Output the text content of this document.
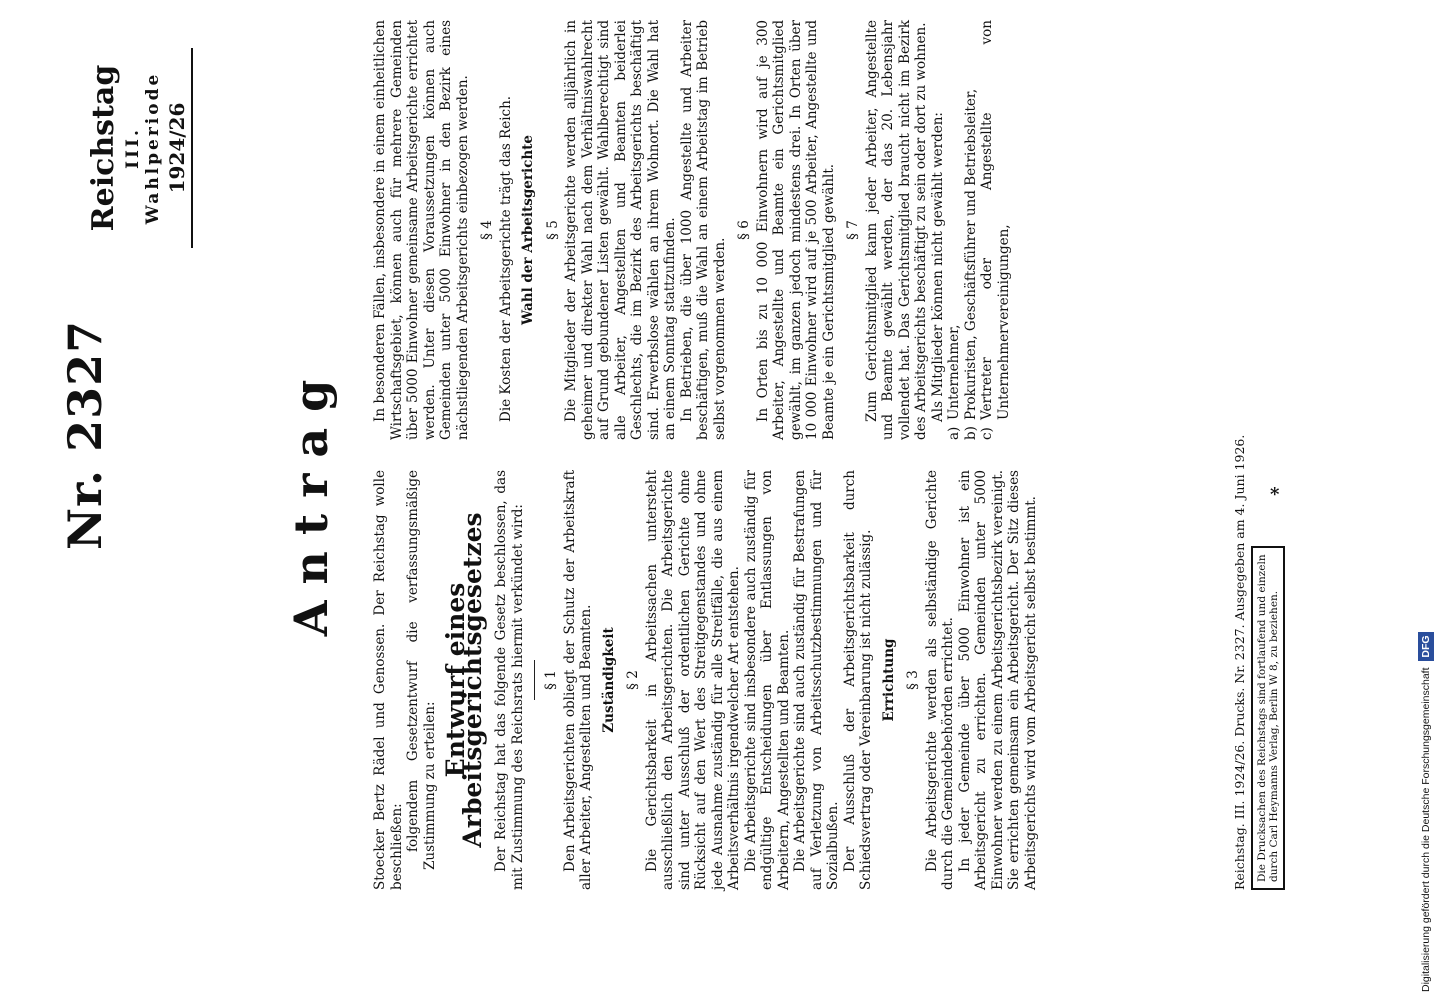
Nr. 2327
Reichstag III. Wahlperiode 1924/26
Antrag	Stoecker Bertz Rädel und Genossen. Der Reichstag wolle beschließen: folgendem Gesetzentwurf die verfassungsmäßige Zustimmung zu erteilen:

Entwurf eines Arbeitsgerichtsgesetzes Der Reichstag hat das folgende Gesetz beschlossen, das mit Zustimmung des Reichsrats hiermit verkündet wird: § 1 Den Arbeitsgerichten obliegt der Schutz der Arbeitskraft aller Arbeiter, Angestellten und Beamten. Zuständigkeit § 2 Die Gerichtsbarkeit in Arbeitssachen untersteht ausschließlich den Arbeitsgerichten. Die Arbeitsgerichte sind unter Ausschluß der ordentlichen Gerichte ohne Rücksicht auf den Wert des Streitgegenstandes und ohne jede Ausnahme zuständig für alle Streitfälle, die aus einem Arbeitsverhältnis irgendwelcher Art entstehen. Die Arbeitsgerichte sind insbesondere auch zuständig für endgültige Entscheidungen über Entlassungen von Arbeitern, Angestellten und Beamten. Die Arbeitsgerichte sind auch zuständig für Bestrafungen auf Verletzung von Arbeitsschutzbestimmungen und für Sozialbußen. Der Ausschluß der Arbeitsgerichtsbarkeit durch Schiedsvertrag oder Vereinbarung ist nicht zulässig. Errichtung § 3 Die Arbeitsgerichte werden als selbständige Gerichte durch die Gemeindebehörden errichtet. In jeder Gemeinde über 5000 Einwohner ist ein Arbeitsgericht zu errichten. Gemeinden unter 5000 Einwohner werden zu einem Arbeitsgerichtsbezirk vereinigt. Sie errichten gemeinsam ein Arbeitsgericht. Der Sitz dieses Arbeitsgerichts wird vom Arbeitsgericht selbst bestimmt.

In besonderen Fällen, insbesondere in einem einheitlichen Wirtschaftsgebiet, können auch für mehrere Gemeinden über 5000 Einwohner gemeinsame Arbeitsgerichte errichtet werden. Unter diesen Voraussetzungen können auch Gemeinden unter 5000 Einwohner in den Bezirk eines nächstliegenden Arbeitsgerichts einbezogen werden. § 4 Die Kosten der Arbeitsgerichte trägt das Reich. Wahl der Arbeitsgerichte § 5 Die Mitglieder der Arbeitsgerichte werden alljährlich in geheimer und direkter Wahl nach dem Verhältniswahlrecht auf Grund gebundener Listen gewählt. Wahlberechtigt sind alle Arbeiter, Angestellten und Beamten beiderlei Geschlechts, die im Bezirk des Arbeitsgerichts beschäftigt sind. Erwerbslose wählen an ihrem Wohnort. Die Wahl hat an einem Sonntag stattzufinden. In Betrieben, die über 1000 Angestellte und Arbeiter beschäftigen, muß die Wahl an einem Arbeitstag im Betrieb selbst vorgenommen werden.

§ 6 In Orten bis zu 10 000 Einwohnern wird auf je 300 Arbeiter, Angestellte und Beamte ein Gerichtsmitglied gewählt, im ganzen jedoch mindestens drei. In Orten über 10 000 Einwohner wird auf je 500 Arbeiter, Angestellte und Beamte je ein Gerichtsmitglied gewählt. § 7 Zum Gerichtsmitglied kann jeder Arbeiter, Angestellte und Beamte gewählt werden, der das 20. Lebensjahr vollendet hat. Das Gerichtsmitglied braucht nicht im Bezirk des Arbeitsgerichts beschäftigt zu sein oder dort zu wohnen. Als Mitglieder können nicht gewählt werden:

a)
Unternehmer,
b)
Prokuristen, Geschäftsführer und Betriebsleiter,
c)
Vertreter oder Angestellte von Unternehmervereinigungen,
Reichstag. III. 1924/26. Drucks. Nr. 2327. Ausgegeben am 4. Juni 1926. Die Drucksachen des Reichstags sind fortlaufend und einzeln durch Carl Heymanns Verlag, Berlin W 8, zu beziehen.
*
Digitalisierung gefördert durch die Deutsche Forschungsgemeinschaft DFG
